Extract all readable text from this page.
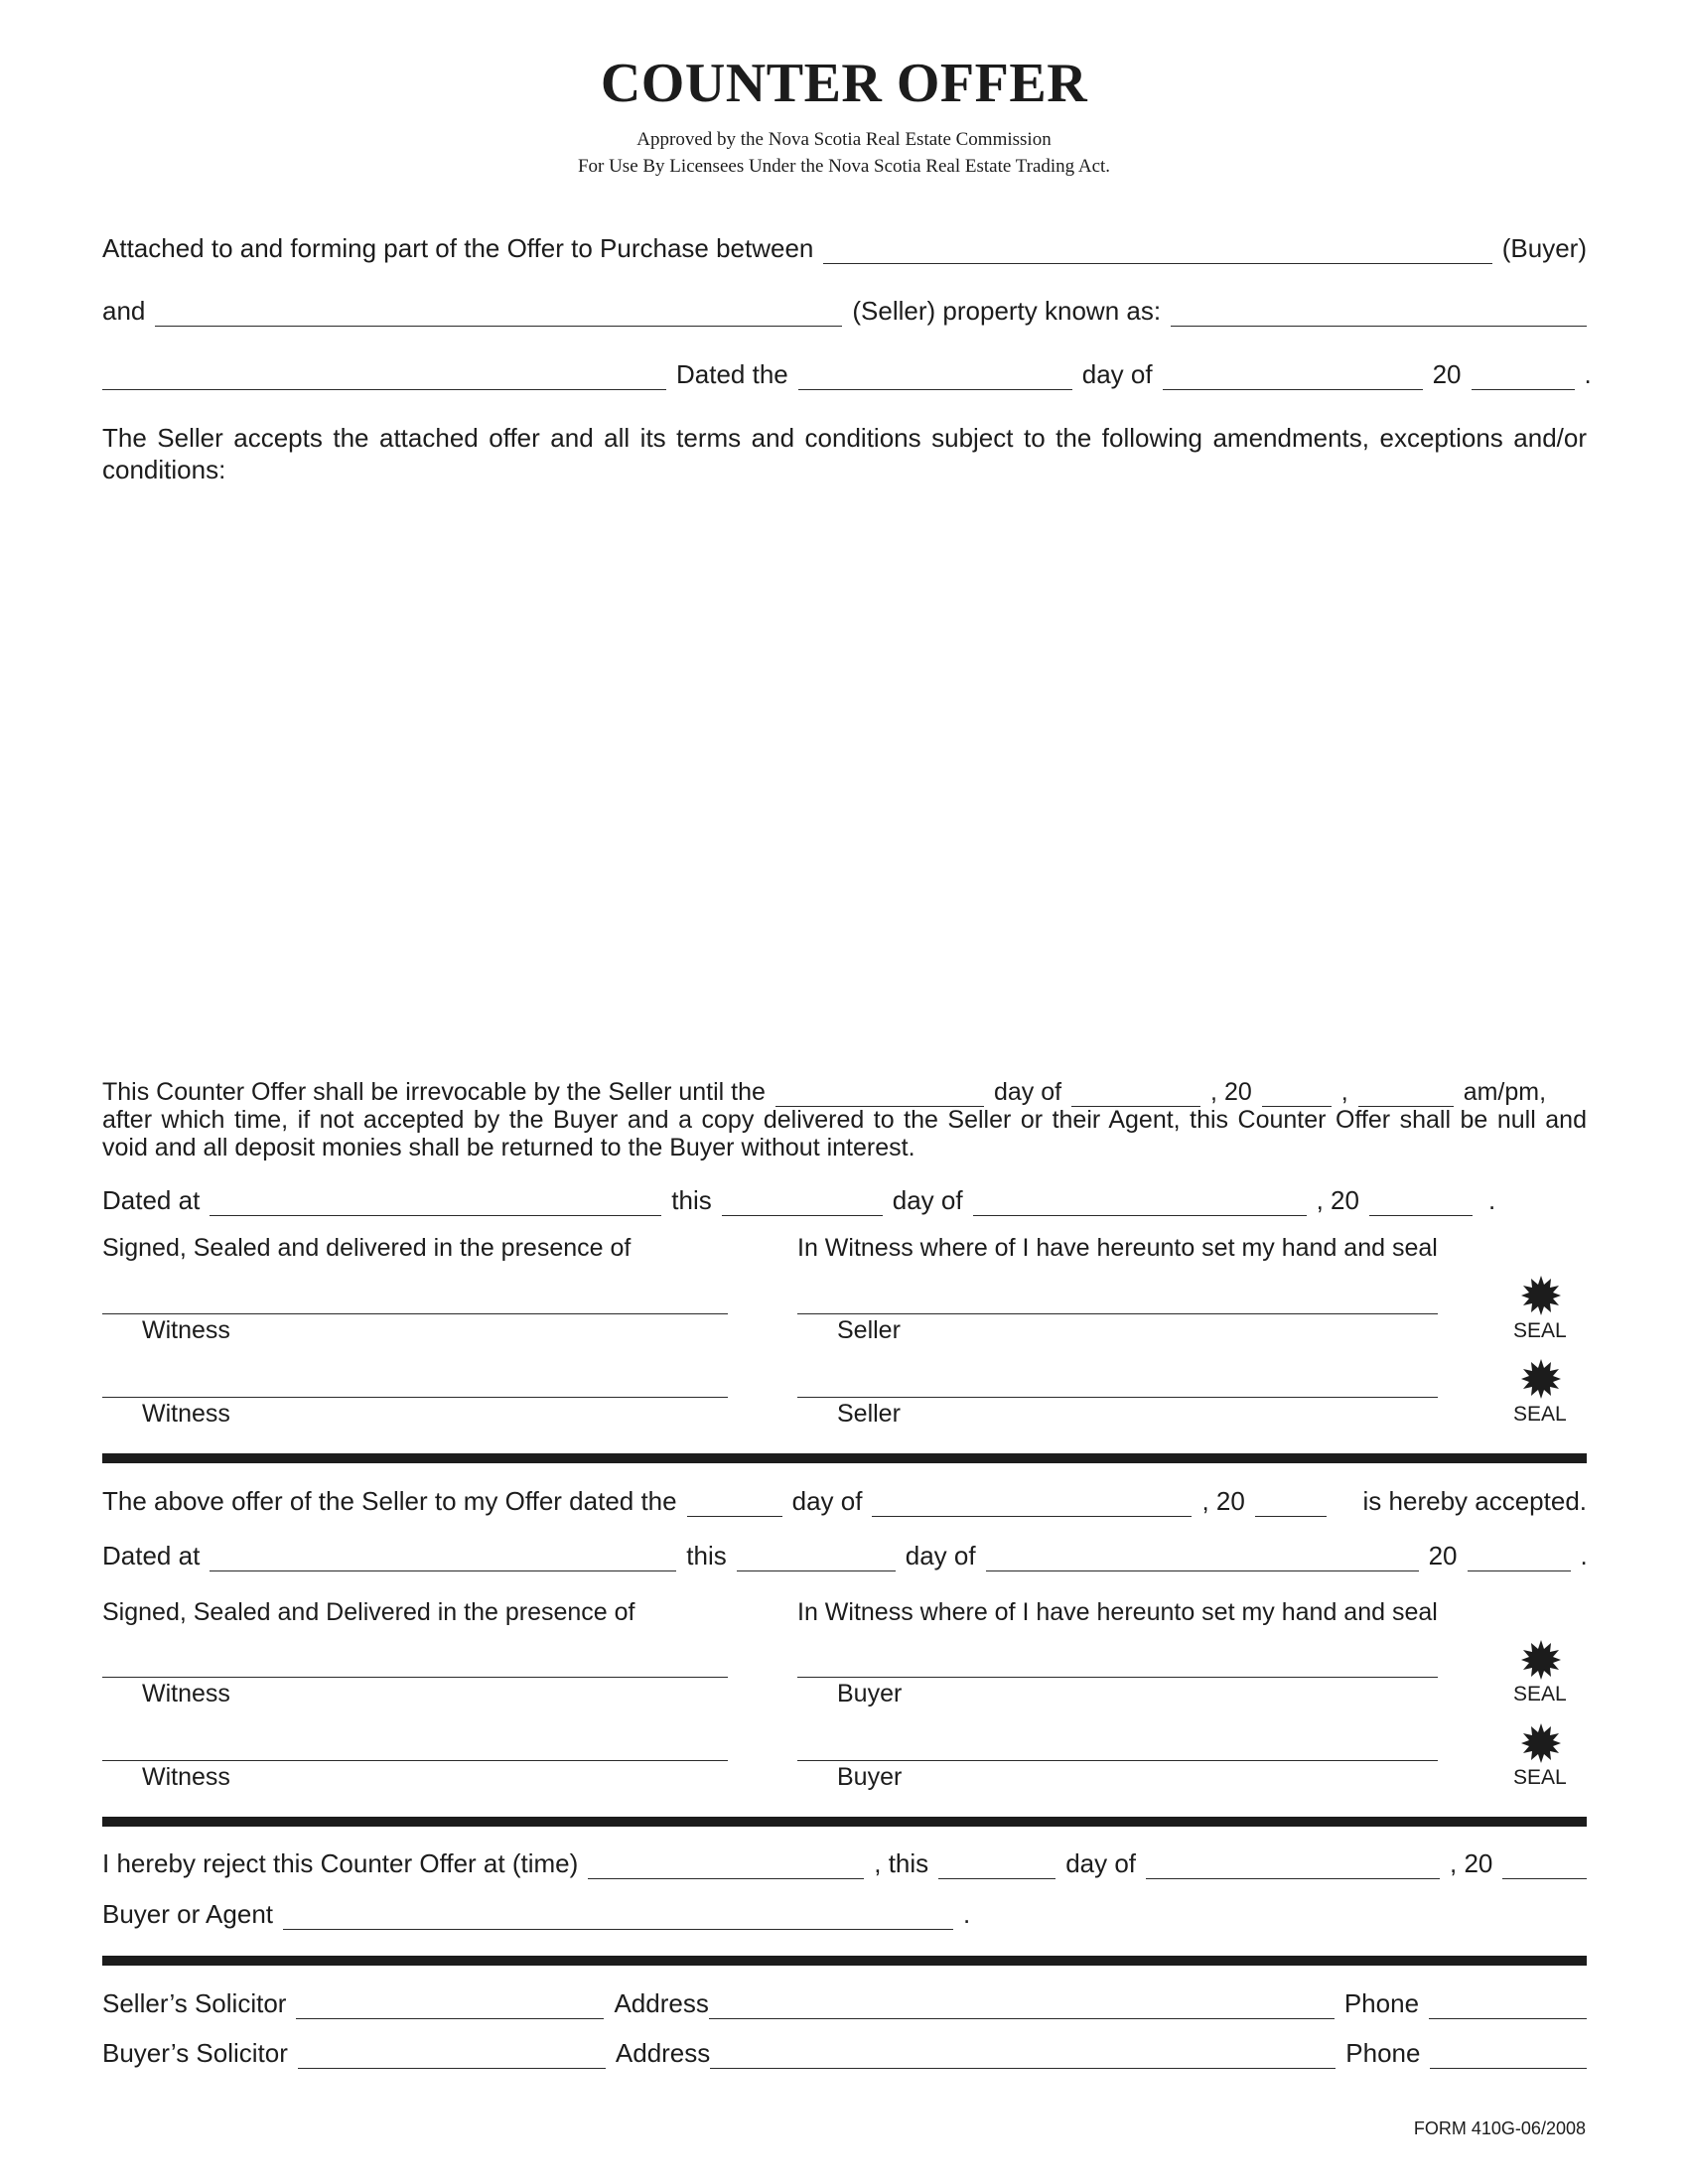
COUNTER OFFER
Approved by the Nova Scotia Real Estate Commission
For Use By Licensees Under the Nova Scotia Real Estate Trading Act.
Attached to and forming part of the Offer to Purchase between	(Buyer)
and	(Seller) property known as:
Dated the	day of	20	.
The Seller accepts the attached offer and all its terms and conditions subject to the following amendments, exceptions and/or conditions:
This Counter Offer shall be irrevocable by the Seller until the	day of	, 20	,	am/pm,
after which time, if not accepted by the Buyer and a copy delivered to the Seller or their Agent, this Counter Offer shall be null and
void and all deposit monies shall be returned to the Buyer without interest.
Dated at	this	day of	, 20	.
Signed, Sealed and delivered in the presence of	In Witness where of I have hereunto set my hand and seal
Witness	Seller	SEAL
Witness	Seller	SEAL
The above offer of the Seller to my Offer dated the	day of	, 20	is hereby accepted.
Dated at	this	day of	20	.
Signed, Sealed and Delivered in the presence of	In Witness where of I have hereunto set my hand and seal
Witness	Buyer	SEAL
Witness	Buyer	SEAL
I hereby reject this Counter Offer at (time)	, this	day of	, 20
Buyer or Agent	.
Seller’s Solicitor	Address	Phone
Buyer’s Solicitor	Address	Phone
FORM 410G-06/2008
